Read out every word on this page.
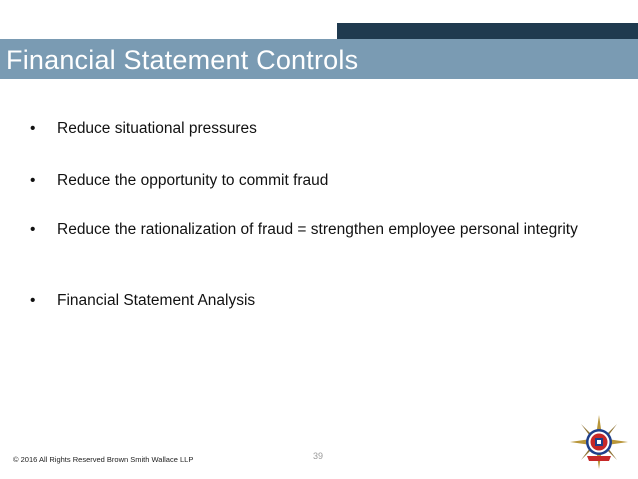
Financial Statement Controls
•	Reduce situational pressures
•	Reduce the opportunity to commit fraud
•	Reduce the rationalization of fraud = strengthen employee personal integrity
•	Financial Statement Analysis
© 2016 All Rights Reserved Brown Smith Wallace LLP	39
